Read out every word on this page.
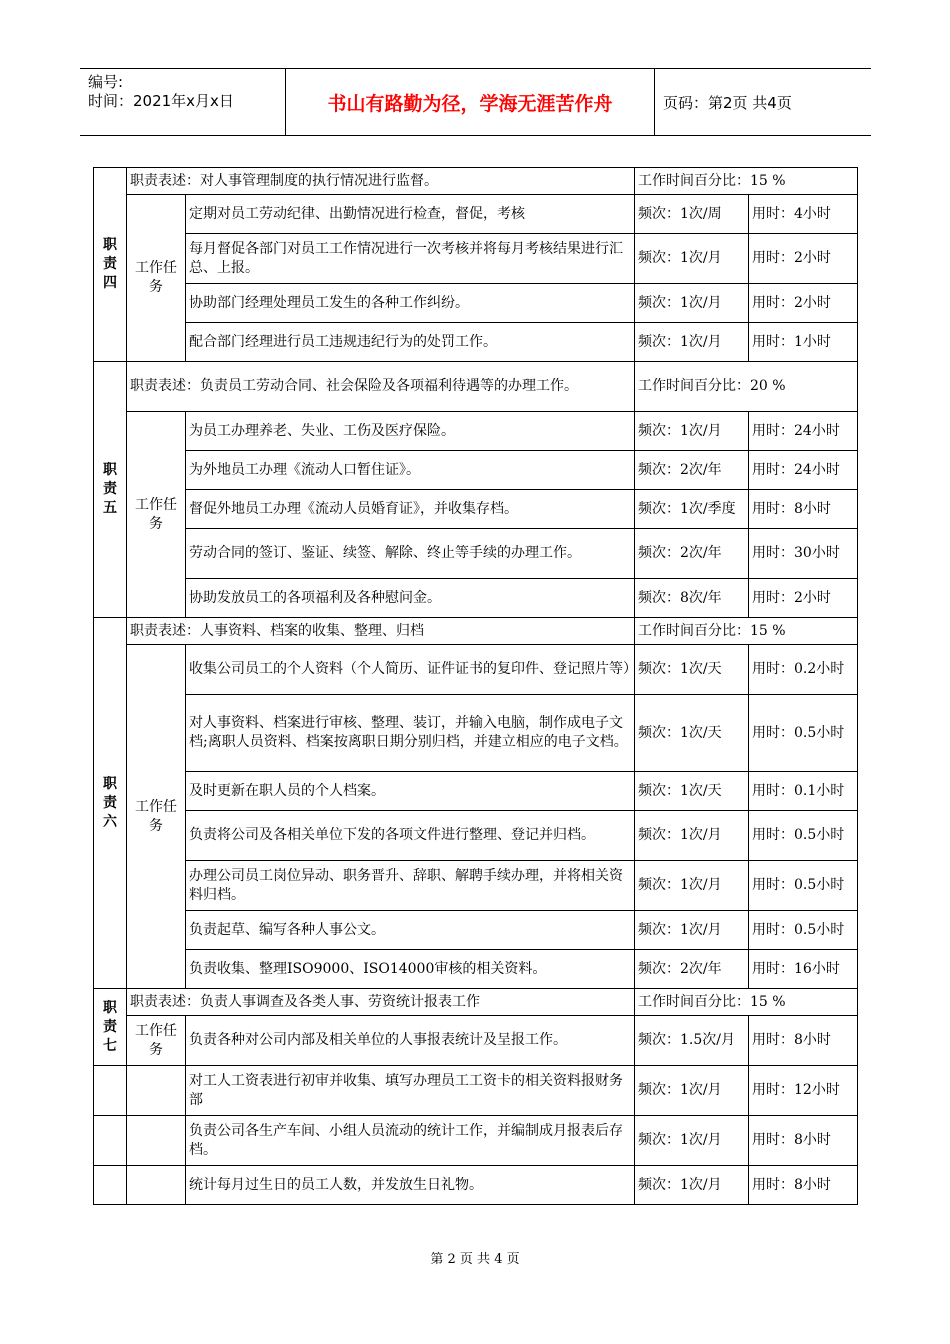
编号:
时间：2021年x月x日	书山有路勤为径，学海无涯苦作舟	页码：第2页 共4页
职责四	职责表述：对人事管理制度的执行情况进行监督。		工作时间百分比：15 %	
	工作任务	定期对员工劳动纪律、出勤情况进行检查，督促，考核	频次：1次/周	用时：4小时
		每月督促各部门对员工工作情况进行一次考核并将每月考核结果进行汇总、上报。	频次：1次/月	用时：2小时
		协助部门经理处理员工发生的各种工作纠纷。	频次：1次/月	用时：2小时
		配合部门经理进行员工违规违纪行为的处罚工作。	频次：1次/月	用时：1小时
职责五	职责表述：负责员工劳动合同、社会保险及各项福利待遇等的办理工作。		工作时间百分比：20 %	
	工作任务	为员工办理养老、失业、工伤及医疗保险。	频次：1次/月	用时：24小时
		为外地员工办理《流动人口暂住证》。	频次：2次/年	用时：24小时
		督促外地员工办理《流动人员婚育证》，并收集存档。	频次：1次/季度	用时：8小时
		劳动合同的签订、鉴证、续签、解除、终止等手续的办理工作。	频次：2次/年	用时：30小时
		协助发放员工的各项福利及各种慰问金。	频次：8次/年	用时：2小时
职责六	职责表述：人事资料、档案的收集、整理、归档		工作时间百分比：15 %	
	工作任务	收集公司员工的个人资料（个人简历、证件证书的复印件、登记照片等）	频次：1次/天	用时：0.2小时
		对人事资料、档案进行审核、整理、装订，并输入电脑，制作成电子文档;离职人员资料、档案按离职日期分别归档，并建立相应的电子文档。	频次：1次/天	用时：0.5小时
		及时更新在职人员的个人档案。	频次：1次/天	用时：0.1小时
		负责将公司及各相关单位下发的各项文件进行整理、登记并归档。	频次：1次/月	用时：0.5小时
		办理公司员工岗位异动、职务晋升、辞职、解聘手续办理，并将相关资料归档。	频次：1次/月	用时：0.5小时
		负责起草、编写各种人事公文。	频次：1次/月	用时：0.5小时
		负责收集、整理ISO9000、ISO14000审核的相关资料。	频次：2次/年	用时：16小时
职责七	职责表述：负责人事调查及各类人事、劳资统计报表工作		工作时间百分比：15 %	
	工作任务	负责各种对公司内部及相关单位的人事报表统计及呈报工作。	频次：1.5次/月	用时：8小时
		对工人工资表进行初审并收集、填写办理员工工资卡的相关资料报财务部	频次：1次/月	用时：12小时
		负责公司各生产车间、小组人员流动的统计工作，并编制成月报表后存档。	频次：1次/月	用时：8小时
		统计每月过生日的员工人数，并发放生日礼物。	频次：1次/月	用时：8小时
第 2 页 共 4 页
